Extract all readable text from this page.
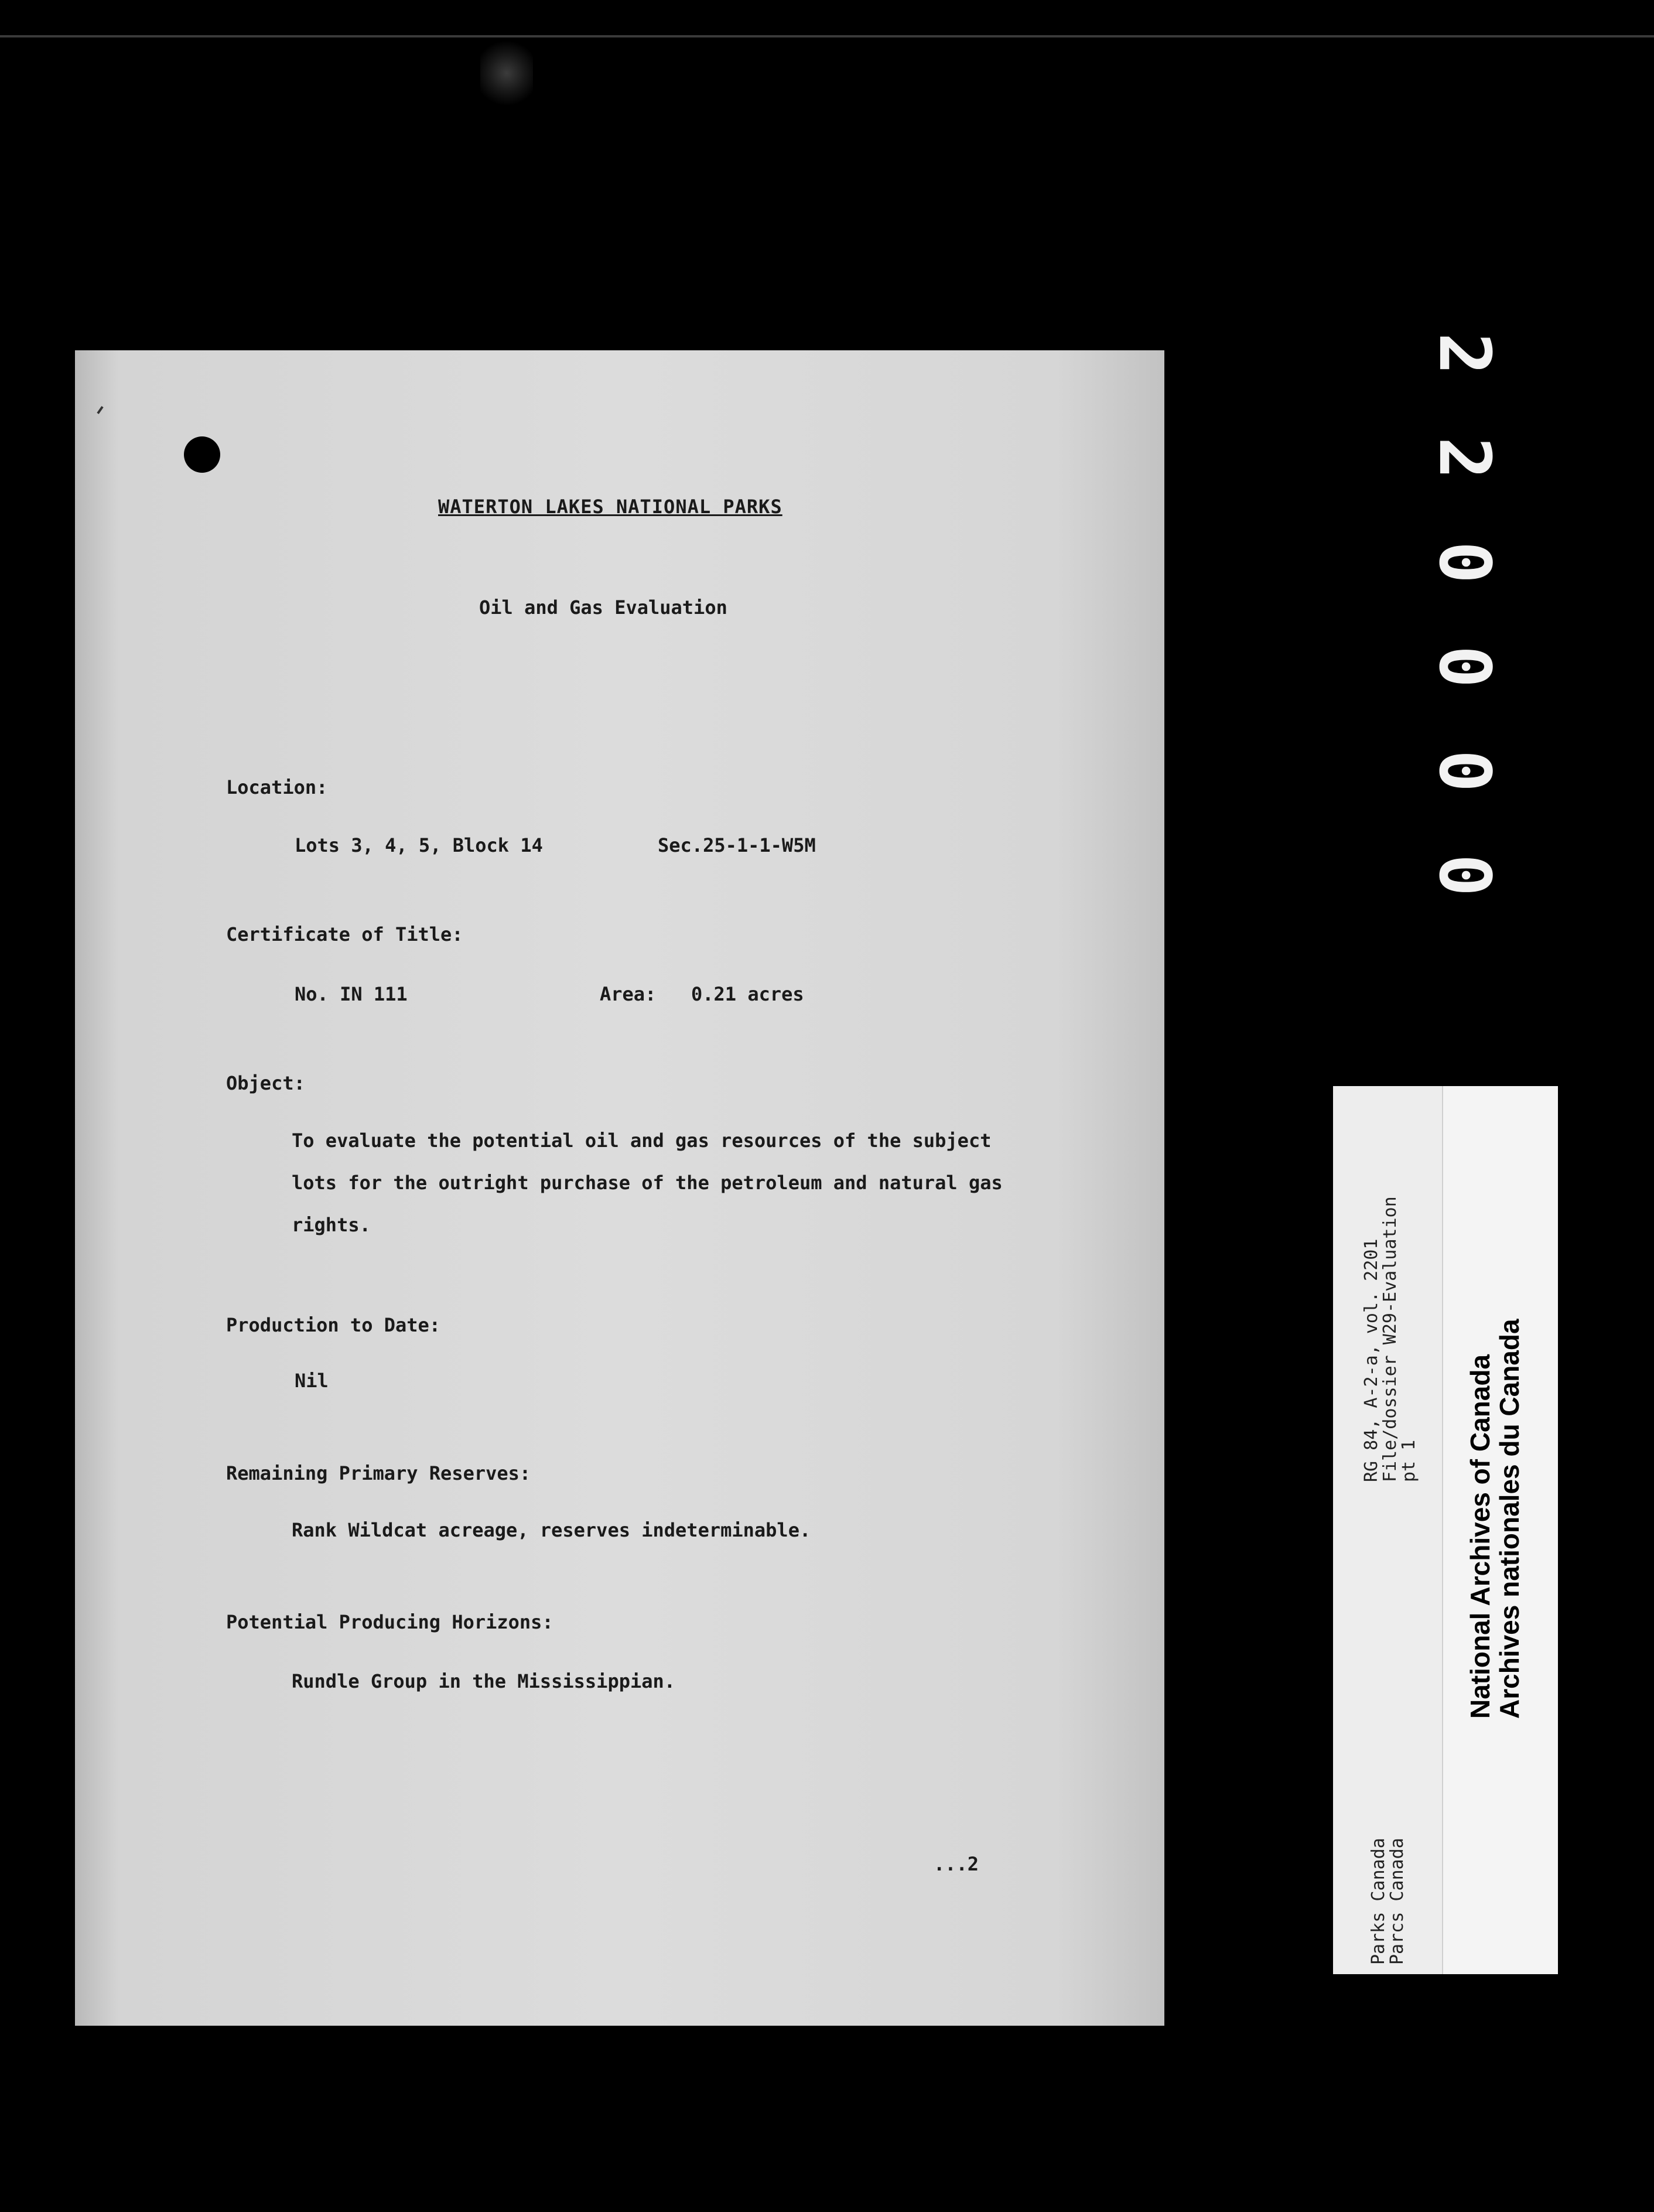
WATERTON LAKES NATIONAL PARKS
Oil and Gas Evaluation
Location:
Lots 3, 4, 5, Block 14	Sec.25-1-1-W5M
Certificate of Title:
No. IN 111	Area: 0.21 acres
Object:
To evaluate the potential oil and gas resources of the subject
lots for the outright purchase of the petroleum and natural gas
rights.
Production to Date:
Nil
Remaining Primary Reserves:
Rank Wildcat acreage, reserves indeterminable.
Potential Producing Horizons:
Rundle Group in the Mississippian.
...2
2
2
0
0
0
0
Parks Canada
Parcs Canada
RG 84, A-2-a, vol. 2201
File/dossier W29-Evaluation
pt 1 National Archives of Canada
Archives nationales du Canada
